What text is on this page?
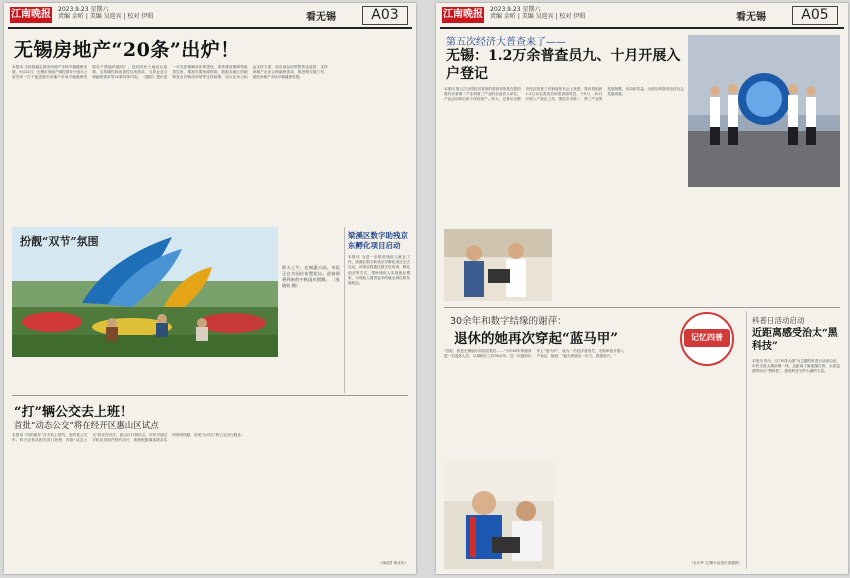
江南晚报 2023.9.23 星期六
责编 金昕 | 美编 吴迎宾 | 校对 伊昭	看无锡	A03
无锡房地产“20条”出炉！
本报讯 为持续稳定我市房地产市场平稳健康发展，9月22日，无锡市房地产调控领导小组办公室发布《关于促进我市房地产市场平稳健康发展若干措施的通知》，包括优化土地出让政策、支持刚性和改善性住房需求、支持企业合理融资需求等20条具体内容。《通知》提出进一步完善保障房体系建设，加快建设保障性租赁住房，增加安置房源供给，鼓励各地区因地制宜出台购房补贴等支持政策，加大住房公积金支持力度，优化商品房预售资金监管，支持房地产企业合理融资需求，推进保交楼工作，促进房地产市场平稳健康发展。
扮靓“双节”氛围
昨天上午，在锡惠公园，市民正在为国庆布置花坛，迎接即将到来的中秋国庆假期。 （张晓钦 摄）
梁溪区数字助残京东孵化项目启动
本报讯 为进一步推进残疾人就业工作，梁溪区数字助残京东孵化项目正式启动，该项目将通过数字化培训、孵化创业等方式，帮助残疾人实现就业增收，为残疾人提供更多的就业岗位和发展机会。
“打”辆公交去上班！
首批“动态公交”将在经开区惠山区试点
本报讯 “叫的就车”在手机上预约，坐的是公交车。昨天记者从相关部门获悉，首批“动态公交”将在经开区、惠山区开展试点，市民可通过手机应用软件预约出行，系统根据乘客需求实时规划线路，实现“点对点”的公交出行服务。
（刘南君 黄本东）
江南晚报 2023.9.23 星期六
责编 金昕 | 美编 吴迎宾 | 校对 伊昭	看无锡	A05
第五次经济大普查来了——
无锡：1.2万余普查员九、十月开展入户登记
本报讯 第五次全国经济普查的普查对象是在我国境内从事第二产业和第三产业的全部法人单位、产业活动单位和个体经营户。昨天，记者从无锡市经济普查工作新闻发布会上获悉，我市将组织1.2万余名普查员和普查指导员，于9月、10月开展入户登记工作，摸清全市第二、第三产业的发展规模、布局和效益，全面反映我市经济社会发展成就。
30余年和数字结缘的谢萍：
退休的她再次穿起“蓝马甲”
“你好，我是无锡统计局的经普员……”今年63岁的谢萍是一名退休人员，从事统计工作30余年，这一次她再次穿上“蓝马甲”，成为一名经济普查员，走街串巷开展入户登记，她说：“能为普查出一份力，我很高兴。”
记忆四普
（毛冬华 文/图片由受访者提供）
科普日活动启动
近距离感受治太“黑科技”
本报讯 昨天，以“科普太湖”为主题的科普日活动启动，市民走进太湖治理一线，近距离了解蓝藻打捞、水质监测等治太“黑科技”，感受科技守护太湖的力量。
